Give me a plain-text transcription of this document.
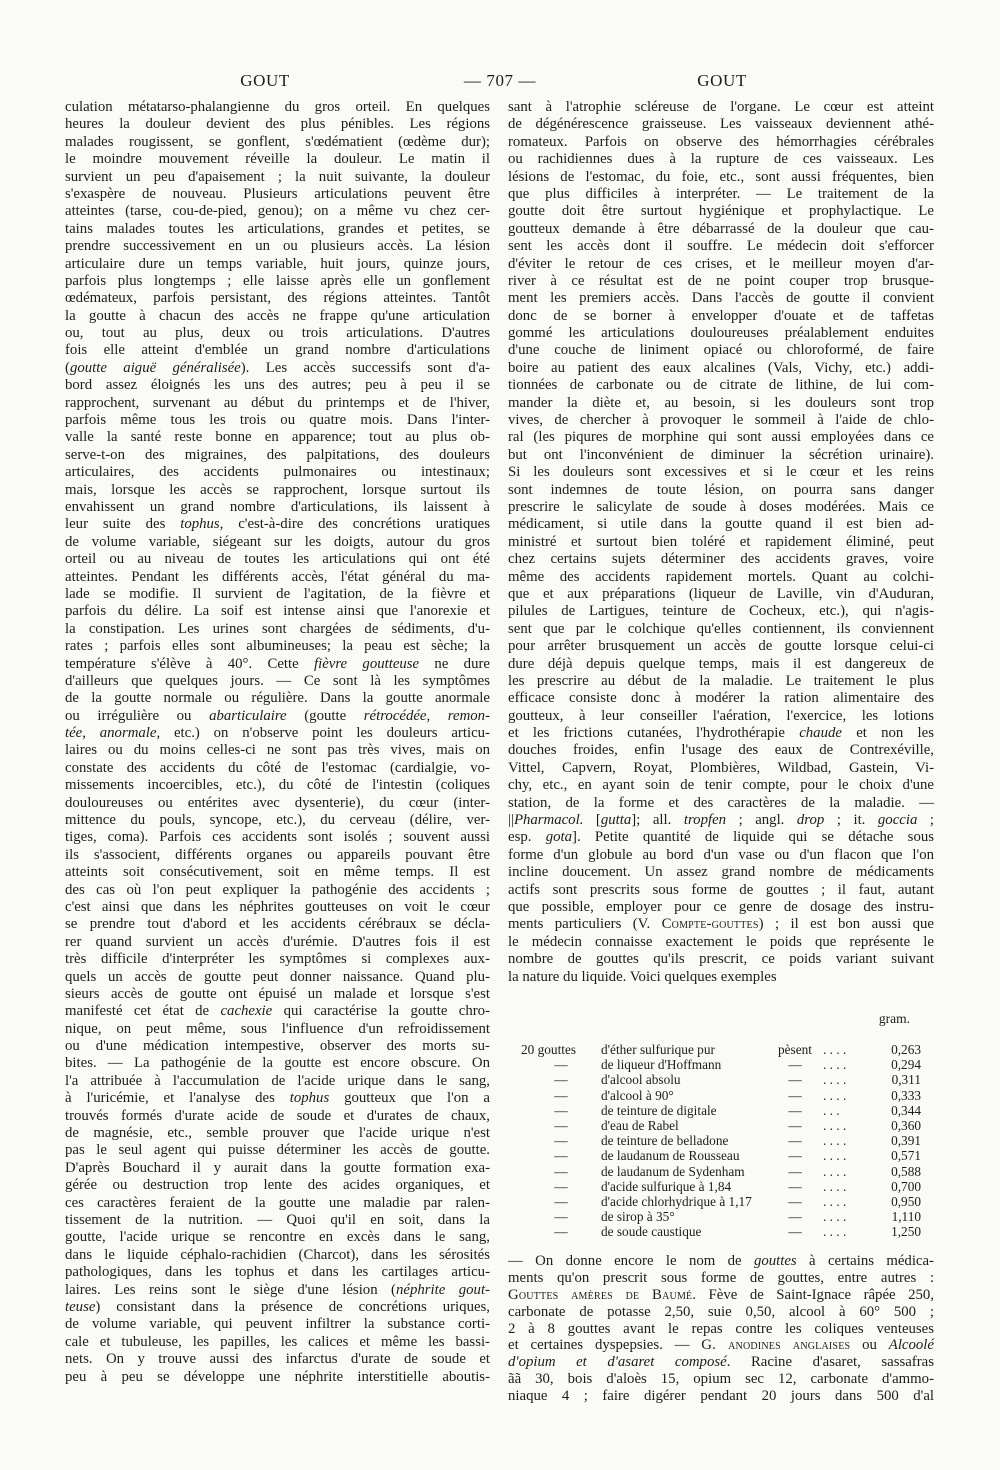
GOUT	— 707 —	GOUT
culation métatarso-phalangienne du gros orteil. En quelques
heures la douleur devient des plus pénibles. Les régions
malades rougissent, se gonflent, s'œdématient (œdème dur);
le moindre mouvement réveille la douleur. Le matin il
survient un peu d'apaisement ; la nuit suivante, la douleur
s'exaspère de nouveau. Plusieurs articulations peuvent être
atteintes (tarse, cou-de-pied, genou); on a même vu chez cer-
tains malades toutes les articulations, grandes et petites, se
prendre successivement en un ou plusieurs accès. La lésion
articulaire dure un temps variable, huit jours, quinze jours,
parfois plus longtemps ; elle laisse après elle un gonflement
œdémateux, parfois persistant, des régions atteintes. Tantôt
la goutte à chacun des accès ne frappe qu'une articulation
ou, tout au plus, deux ou trois articulations. D'autres
fois elle atteint d'emblée un grand nombre d'articulations
(goutte aiguë généralisée). Les accès successifs sont d'a-
bord assez éloignés les uns des autres; peu à peu il se
rapprochent, survenant au début du printemps et de l'hiver,
parfois même tous les trois ou quatre mois. Dans l'inter-
valle la santé reste bonne en apparence; tout au plus ob-
serve-t-on des migraines, des palpitations, des douleurs
articulaires, des accidents pulmonaires ou intestinaux;
mais, lorsque les accès se rapprochent, lorsque surtout ils
envahissent un grand nombre d'articulations, ils laissent à
leur suite des tophus, c'est-à-dire des concrétions uratiques
de volume variable, siégeant sur les doigts, autour du gros
orteil ou au niveau de toutes les articulations qui ont été
atteintes. Pendant les différents accès, l'état général du ma-
lade se modifie. Il survient de l'agitation, de la fièvre et
parfois du délire. La soif est intense ainsi que l'anorexie et
la constipation. Les urines sont chargées de sédiments, d'u-
rates ; parfois elles sont albumineuses; la peau est sèche; la
température s'élève à 40°. Cette fièvre goutteuse ne dure
d'ailleurs que quelques jours. — Ce sont là les symptômes
de la goutte normale ou régulière. Dans la goutte anormale
ou irrégulière ou abarticulaire (goutte rétrocédée, remon-
tée, anormale, etc.) on n'observe point les douleurs articu-
laires ou du moins celles-ci ne sont pas très vives, mais on
constate des accidents du côté de l'estomac (cardialgie, vo-
missements incoercibles, etc.), du côté de l'intestin (coliques
douloureuses ou entérites avec dysenterie), du cœur (inter-
mittence du pouls, syncope, etc.), du cerveau (délire, ver-
tiges, coma). Parfois ces accidents sont isolés ; souvent aussi
ils s'associent, différents organes ou appareils pouvant être
atteints soit consécutivement, soit en même temps. Il est
des cas où l'on peut expliquer la pathogénie des accidents ;
c'est ainsi que dans les néphrites goutteuses on voit le cœur
se prendre tout d'abord et les accidents cérébraux se décla-
rer quand survient un accès d'urémie. D'autres fois il est
très difficile d'interpréter les symptômes si complexes aux-
quels un accès de goutte peut donner naissance. Quand plu-
sieurs accès de goutte ont épuisé un malade et lorsque s'est
manifesté cet état de cachexie qui caractérise la goutte chro-
nique, on peut même, sous l'influence d'un refroidissement
ou d'une médication intempestive, observer des morts su-
bites. — La pathogénie de la goutte est encore obscure. On
l'a attribuée à l'accumulation de l'acide urique dans le sang,
à l'uricémie, et l'analyse des tophus goutteux que l'on a
trouvés formés d'urate acide de soude et d'urates de chaux,
de magnésie, etc., semble prouver que l'acide urique n'est
pas le seul agent qui puisse déterminer les accès de goutte.
D'après Bouchard il y aurait dans la goutte formation exa-
gérée ou destruction trop lente des acides organiques, et
ces caractères feraient de la goutte une maladie par ralen-
tissement de la nutrition. — Quoi qu'il en soit, dans la
goutte, l'acide urique se rencontre en excès dans le sang,
dans le liquide céphalo-rachidien (Charcot), dans les sérosités
pathologiques, dans les tophus et dans les cartilages articu-
laires. Les reins sont le siège d'une lésion (néphrite gout-
teuse) consistant dans la présence de concrétions uriques,
de volume variable, qui peuvent infiltrer la substance corti-
cale et tubuleuse, les papilles, les calices et même les bassi-
nets. On y trouve aussi des infarctus d'urate de soude et
peu à peu se développe une néphrite interstitielle aboutis-
sant à l'atrophie scléreuse de l'organe. Le cœur est atteint
de dégénérescence graisseuse. Les vaisseaux deviennent athé-
romateux. Parfois on observe des hémorrhagies cérébrales
ou rachidiennes dues à la rupture de ces vaisseaux. Les
lésions de l'estomac, du foie, etc., sont aussi fréquentes, bien
que plus difficiles à interpréter. — Le traitement de la
goutte doit être surtout hygiénique et prophylactique. Le
goutteux demande à être débarrassé de la douleur que cau-
sent les accès dont il souffre. Le médecin doit s'efforcer
d'éviter le retour de ces crises, et le meilleur moyen d'ar-
river à ce résultat est de ne point couper trop brusque-
ment les premiers accès. Dans l'accès de goutte il convient
donc de se borner à envelopper d'ouate et de taffetas
gommé les articulations douloureuses préalablement enduites
d'une couche de liniment opiacé ou chloroformé, de faire
boire au patient des eaux alcalines (Vals, Vichy, etc.) addi-
tionnées de carbonate ou de citrate de lithine, de lui com-
mander la diète et, au besoin, si les douleurs sont trop
vives, de chercher à provoquer le sommeil à l'aide de chlo-
ral (les piqures de morphine qui sont aussi employées dans ce
but ont l'inconvénient de diminuer la sécrétion urinaire).
Si les douleurs sont excessives et si le cœur et les reins
sont indemnes de toute lésion, on pourra sans danger
prescrire le salicylate de soude à doses modérées. Mais ce
médicament, si utile dans la goutte quand il est bien ad-
ministré et surtout bien toléré et rapidement éliminé, peut
chez certains sujets déterminer des accidents graves, voire
même des accidents rapidement mortels. Quant au colchi-
que et aux préparations (liqueur de Laville, vin d'Auduran,
pilules de Lartigues, teinture de Cocheux, etc.), qui n'agis-
sent que par le colchique qu'elles contiennent, ils conviennent
pour arrêter brusquement un accès de goutte lorsque celui-ci
dure déjà depuis quelque temps, mais il est dangereux de
les prescrire au début de la maladie. Le traitement le plus
efficace consiste donc à modérer la ration alimentaire des
goutteux, à leur conseiller l'aération, l'exercice, les lotions
et les frictions cutanées, l'hydrothérapie chaude et non les
douches froides, enfin l'usage des eaux de Contrexéville,
Vittel, Capvern, Royat, Plombières, Wildbad, Gastein, Vi-
chy, etc., en ayant soin de tenir compte, pour le choix d'une
station, de la forme et des caractères de la maladie. —
||Pharmacol. [gutta]; all. tropfen ; angl. drop ; it. goccia ;
esp. gota]. Petite quantité de liquide qui se détache sous
forme d'un globule au bord d'un vase ou d'un flacon que l'on
incline doucement. Un assez grand nombre de médicaments
actifs sont prescrits sous forme de gouttes ; il faut, autant
que possible, employer pour ce genre de dosage des instru-
ments particuliers (V. Compte-gouttes) ; il est bon aussi que
le médecin connaisse exactement le poids que représente le
nombre de gouttes qu'ils prescrit, ce poids variant suivant
la nature du liquide. Voici quelques exemples
gram.
20 gouttes	d'éther sulfurique pur	pèsent . . . .	0,263
—	de liqueur d'Hoffmann	—	. . . .	0,294
—	d'alcool absolu	—	. . . .	0,311
—	d'alcool à 90°	—	. . . .	0,333
—	de teinture de digitale	—	. . .	0,344
—	d'eau de Rabel	—	. . . .	0,360
—	de teinture de belladone	—	. . . .	0,391
—	de laudanum de Rousseau	—	. . . .	0,571
—	de laudanum de Sydenham	—	. . . .	0,588
—	d'acide sulfurique à 1,84	—	. . . .	0,700
—	d'acide chlorhydrique à 1,17	—	. . . .	0,950
—	de sirop à 35°	—	. . . .	1,110
—	de soude caustique	—	. . . .	1,250
— On donne encore le nom de gouttes à certains médica-
ments qu'on prescrit sous forme de gouttes, entre autres :
Gouttes amères de Baumé. Fève de Saint-Ignace râpée 250,
carbonate de potasse 2,50, suie 0,50, alcool à 60° 500 ;
2 à 8 gouttes avant le repas contre les coliques venteuses
et certaines dyspepsies. — G. anodines anglaises ou Alcoolé
d'opium et d'asaret composé. Racine d'asaret, sassafras
ãã 30, bois d'aloès 15, opium sec 12, carbonate d'ammo-
niaque 4 ; faire digérer pendant 20 jours dans 500 d'al
